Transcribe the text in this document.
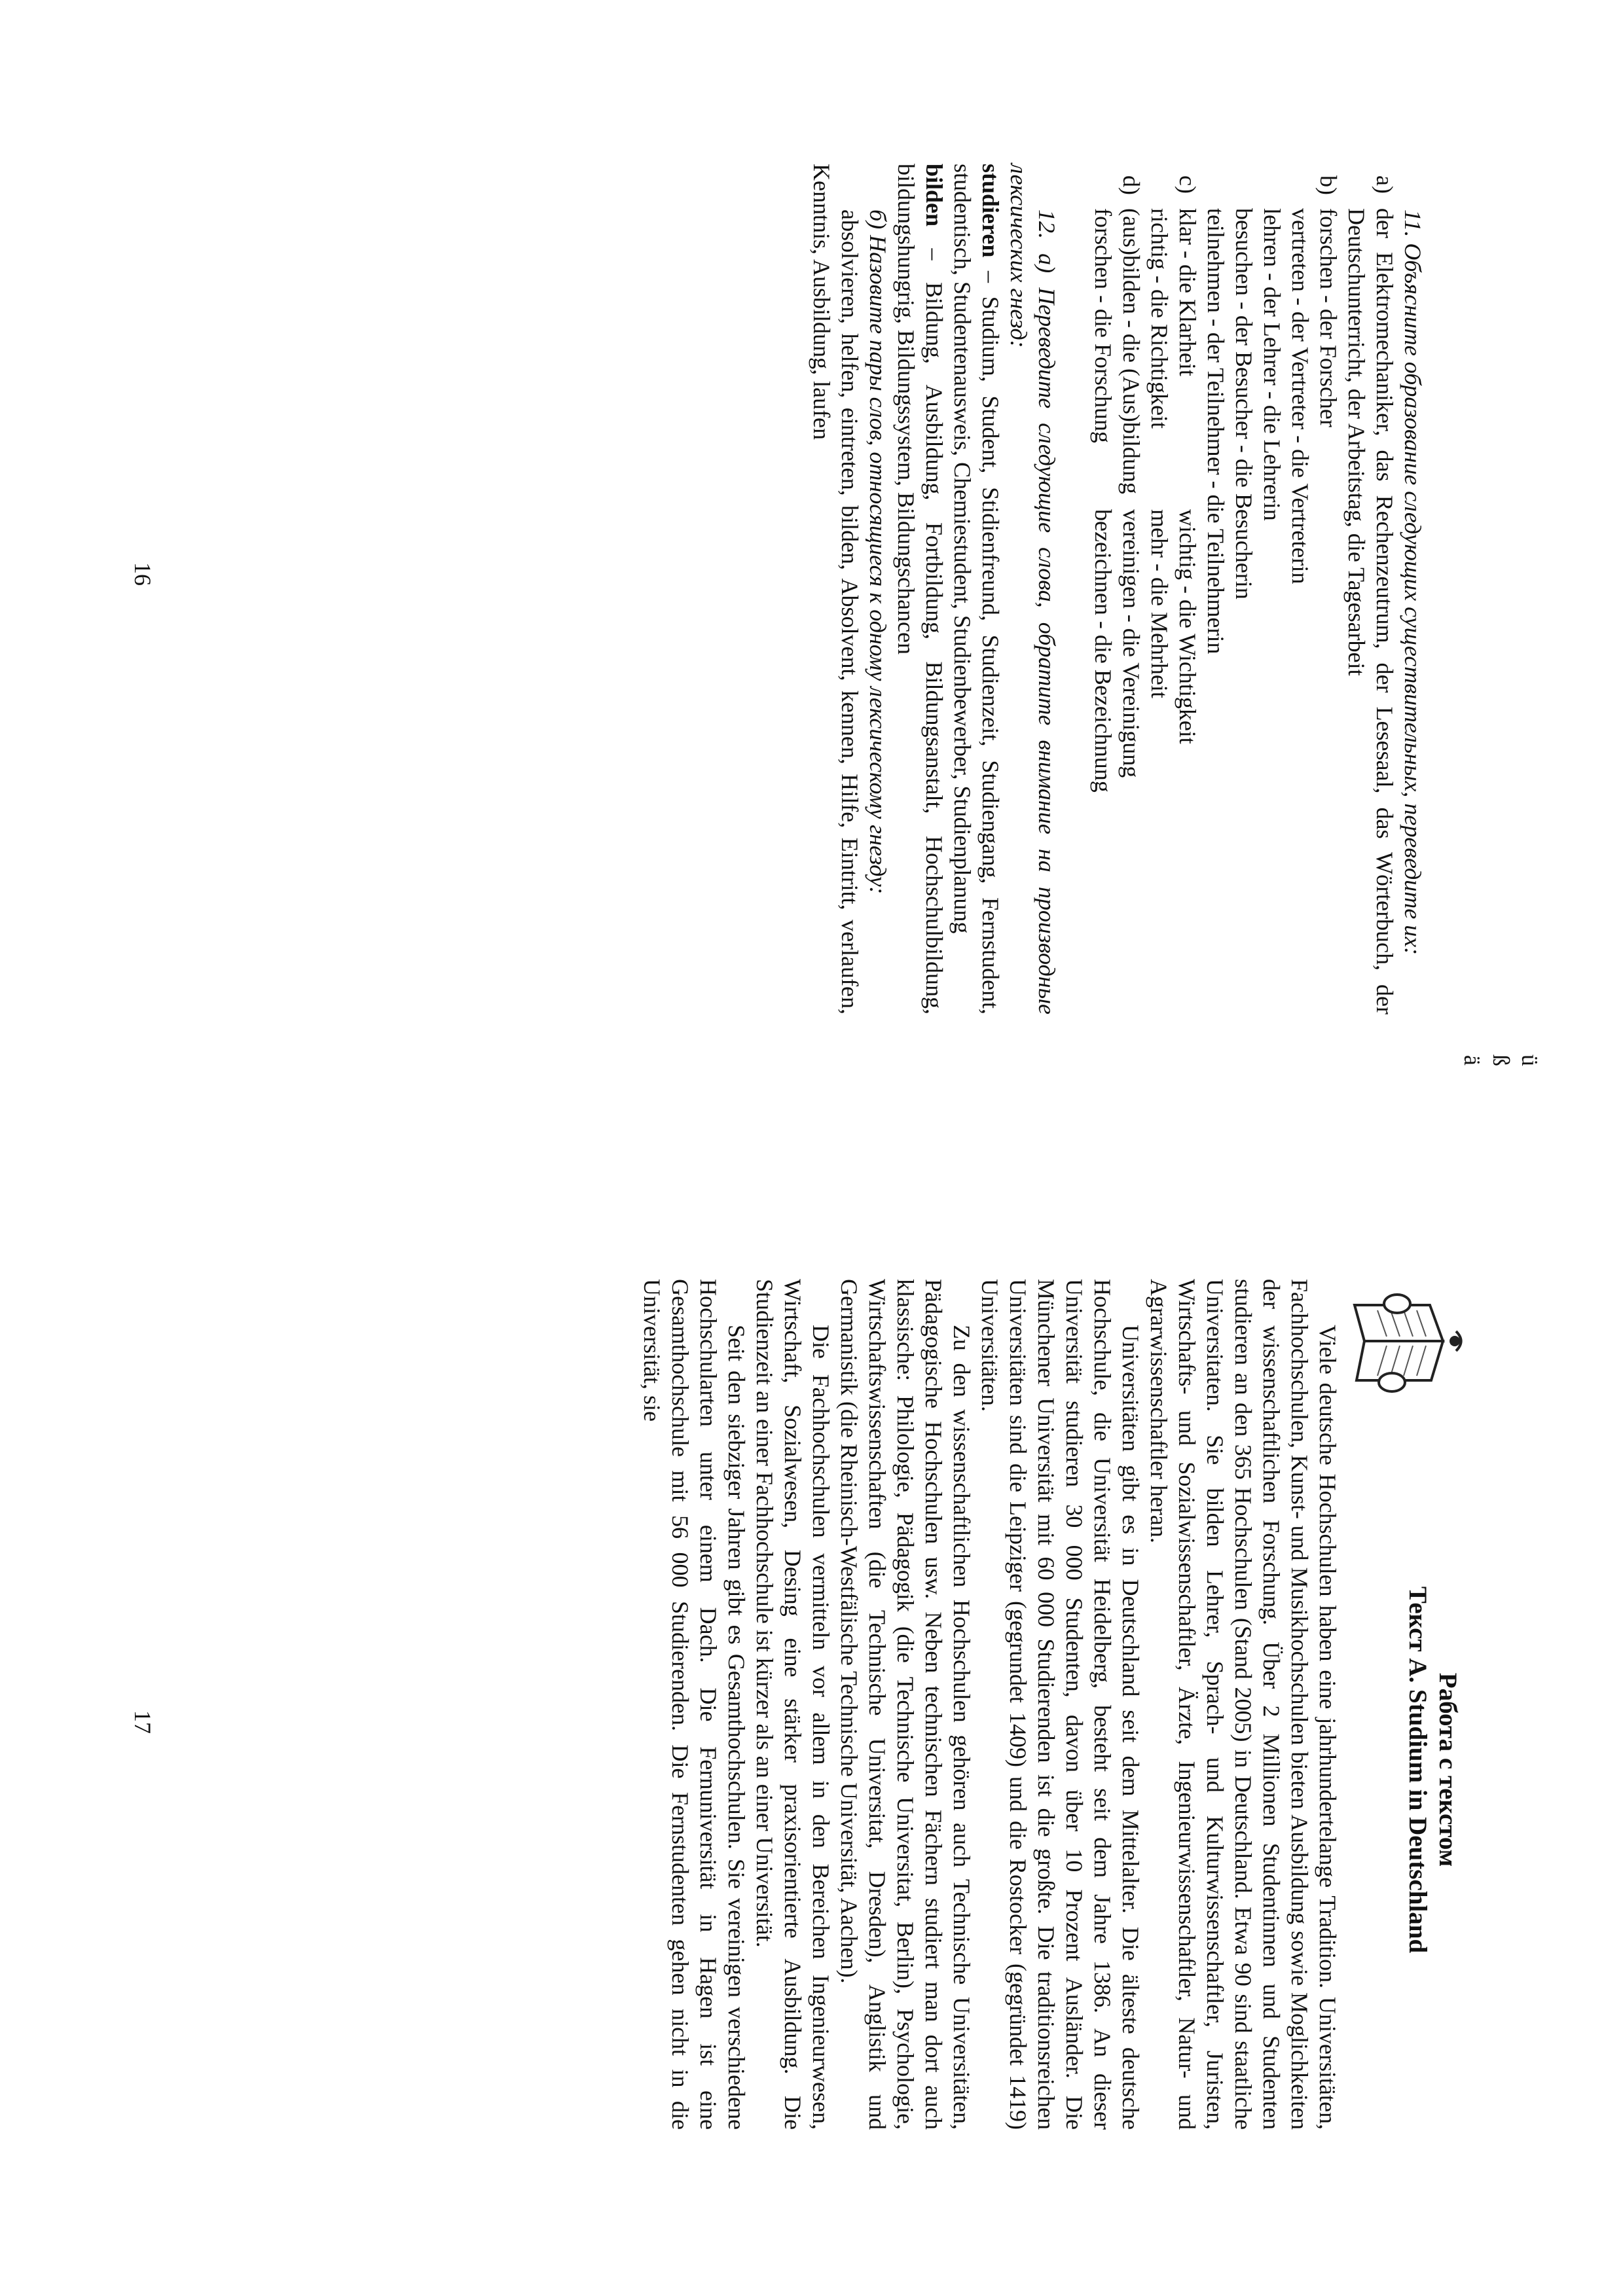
11. Объясните образование следующих существительных, переведите их:

a)
der Elektromechaniker, das Rechenzeutrum, der Lesesaal, das Wörterbuch, der Deutschunterricht, der Arbeitstag, die Tagesarbeit
b)
forschen - der Forscher
vertreten - der Vertreter - die Vertreterin
lehren - der Lehrer - die Lehrerin
besuchen - der Besucher - die Besucherin
teilnehmen - der Teilnehmer - die Teilnehmerin
c)
klar - die Klarheit
wichtig - die Wichtigkeit
richtig - die Richtigkeit
mehr - die Mehrheit
d)
(aus)bilden - die (Aus)bildung
vereinigen - die Vereinigung
forschen - die Forschung
bezeichnen - die Bezeichnung

12. а) Переведите следующие слова, обратите внимание на производные лексических гнезд:

studieren – Studium, Student, Stidienfreund, Studienzeit, Studiengang, Fernstudent, studentisch, Studentenausweis, Chemiestudent, Studienbewerber, Studienplanung

bilden – Bildung, Ausbildung, Fortbildung, Bildungsanstalt, Hochschulbildung, bildungshungrig, Bildungssystem, Bildungschancen

б) Назовите пары слов, относящиеся к одному лексическому гнезду:

absolvieren, helfen, eintreten, bilden, Absolvent, kennen, Hilfe, Eintritt, verlaufen, Kenntnis, Ausbildung, laufen

ü
ß
ä
16
Работа с текстом
Текст А. Studium in Deutschland

Viele deutsche Hochschulen haben eine jahrhundertelange Tradition. Universitäten, Fachhochschulen, Kunst- und Musikhochschulen bieten Ausbildung sowie Moglichkeiten der wissenschaftlichen Forschung. Über 2 Millionen Studentinnen und Studenten studieren an den 365 Hochschulen (Stand 2005) in Deutschland. Etwa 90 sind staatliche Universitaten. Sie bilden Lehrer, Sprach- und Kulturwissenschaftler, Juristen, Wirtschafts- und Sozialwissenschaftler, Ärzte, Ingenieurwissenschaftler, Natur- und Agrarwissenschaftler heran.

Universitäten gibt es in Deutschland seit dem Mittelalter. Die älteste deutsche Hochschule, die Universität Heidelberg, besteht seit dem Jahre 1386. An dieser Universität studieren 30 000 Studenten, davon über 10 Prozent Ausländer. Die Münchener Universität mit 60 000 Studierenden ist die großte. Die traditionsreichen Universitäten sind die Leipziger (gegrundet 1409) und die Rostocker (gegründet 1419) Universitäten.

Zu den wissenschaftlichen Hochschulen gehören auch Technische Universitäten, Pädagogische Hochschulen usw. Neben technischen Fächern studiert man dort auch klassische: Philologie, Pädagogik (die Technische Universitat, Berlin), Psychologie, Wirtschaftswissenschaften (die Technische Universitat, Dresden), Anglistik und Germanistik (die Rheinisch-Westfälische Technische Universität, Aachen).

Die Fachhochschulen vermitteln vor allem in den Bereichen Ingenieurwesen, Wirtschaft, Sozialwesen, Desing eine stärker praxisorientierte Ausbildung. Die Studienzeit an einer Fachhochschule ist kürzer als an einer Universität.

Seit den siebziger Jahren gibt es Gesamthochschulen. Sie vereinigen verschiedene Hochschularten unter einem Dach. Die Fernuniversität in Hagen ist eine Gesamthochschule mit 56 000 Studierenden. Die Fernstudenten gehen nicht in die Universität, sie

17
